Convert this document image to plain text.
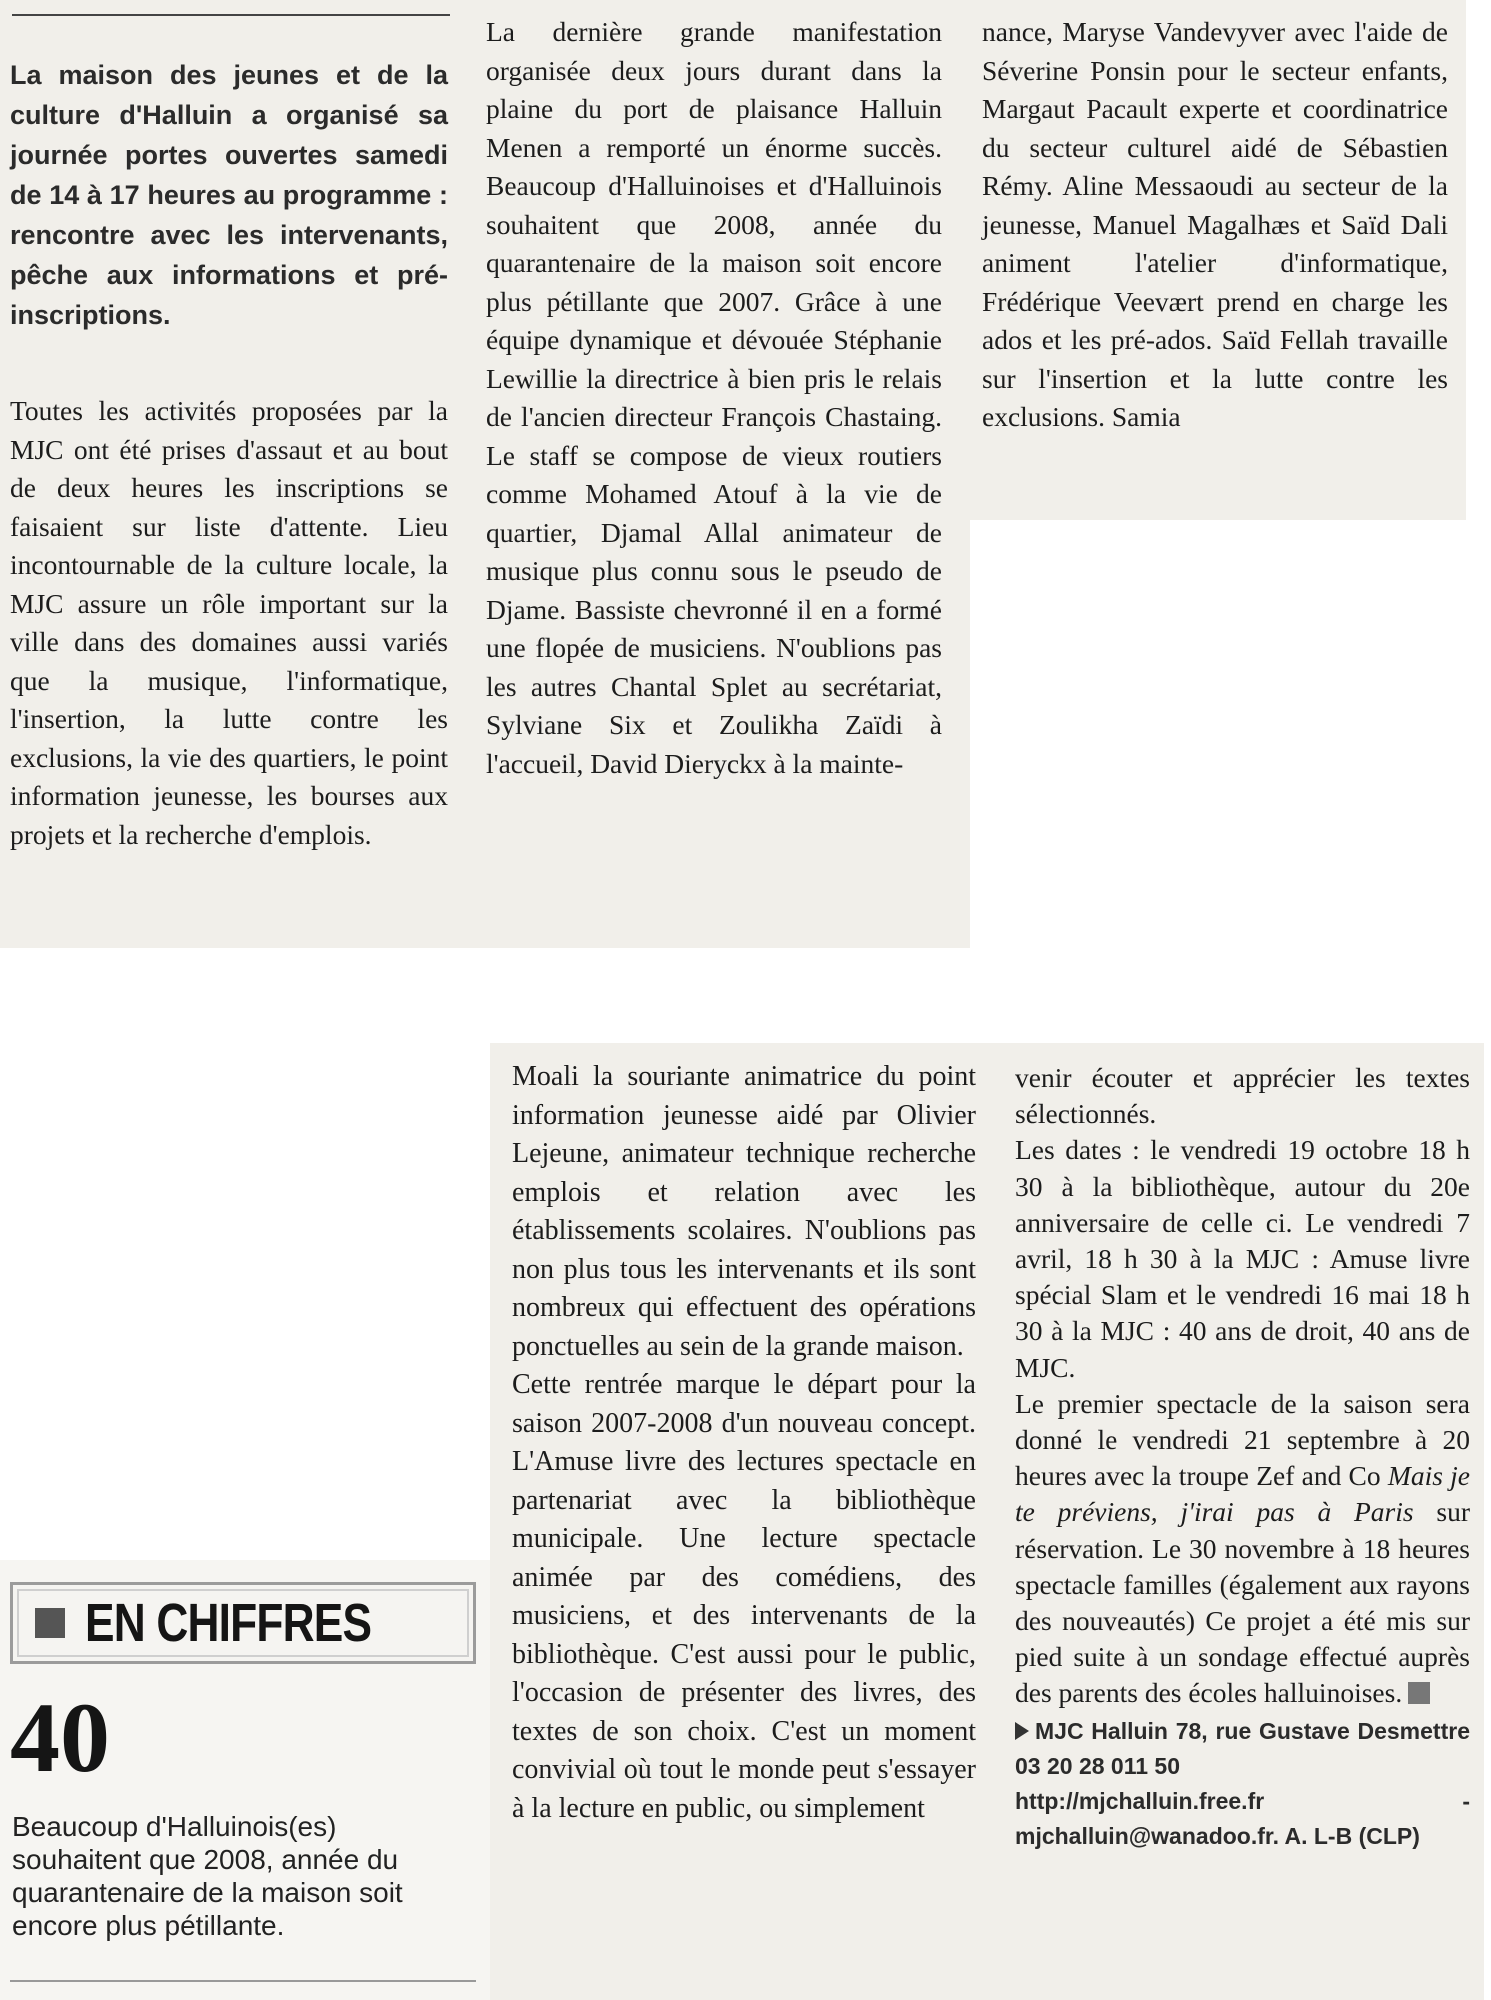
La maison des jeunes et de la culture d'Halluin a organisé sa journée portes ouvertes samedi de 14 à 17 heures au programme : rencontre avec les intervenants, pêche aux informations et pré-inscriptions.

Toutes les activités proposées par la MJC ont été prises d'assaut et au bout de deux heures les inscriptions se faisaient sur liste d'attente. Lieu incontournable de la culture locale, la MJC assure un rôle important sur la ville dans des domaines aussi variés que la musique, l'informatique, l'insertion, la lutte contre les exclusions, la vie des quartiers, le point information jeunesse, les bourses aux projets et la recherche d'emplois.

La dernière grande manifestation organisée deux jours durant dans la plaine du port de plaisance Halluin Menen a remporté un énorme succès. Beaucoup d'Halluinoises et d'Halluinois souhaitent que 2008, année du quarantenaire de la maison soit encore plus pétillante que 2007. Grâce à une équipe dynamique et dévouée Stéphanie Lewillie la directrice à bien pris le relais de l'ancien directeur François Chastaing. Le staff se compose de vieux routiers comme Mohamed Atouf à la vie de quartier, Djamal Allal animateur de musique plus connu sous le pseudo de Djame. Bassiste chevronné il en a formé une flopée de musiciens. N'oublions pas les autres Chantal Splet au secrétariat, Sylviane Six et Zoulikha Zaïdi à l'accueil, David Dieryckx à la mainte-

nance, Maryse Vandevyver avec l'aide de Séverine Ponsin pour le secteur enfants, Margaut Pacault experte et coordinatrice du secteur culturel aidé de Sébastien Rémy. Aline Messaoudi au secteur de la jeunesse, Manuel Magalhæs et Saïd Dali animent l'atelier d'informatique, Frédérique Veevært prend en charge les ados et les pré-ados. Saïd Fellah travaille sur l'insertion et la lutte contre les exclusions. Samia

Moali la souriante animatrice du point information jeunesse aidé par Olivier Lejeune, animateur technique recherche emplois et relation avec les établissements scolaires. N'oublions pas non plus tous les intervenants et ils sont nombreux qui effectuent des opérations ponctuelles au sein de la grande maison.

Cette rentrée marque le départ pour la saison 2007-2008 d'un nouveau concept. L'Amuse livre des lectures spectacle en partenariat avec la bibliothèque municipale. Une lecture spectacle animée par des comédiens, des musiciens, et des intervenants de la bibliothèque. C'est aussi pour le public, l'occasion de présenter des livres, des textes de son choix. C'est un moment convivial où tout le monde peut s'essayer à la lecture en public, ou simplement

venir écouter et apprécier les textes sélectionnés.

Les dates : le vendredi 19 octobre 18 h 30 à la bibliothèque, autour du 20e anniversaire de celle ci. Le vendredi 7 avril, 18 h 30 à la MJC : Amuse livre spécial Slam et le vendredi 16 mai 18 h 30 à la MJC : 40 ans de droit, 40 ans de MJC.

Le premier spectacle de la saison sera donné le vendredi 21 septembre à 20 heures avec la troupe Zef and Co Mais je te préviens, j'irai pas à Paris sur réservation. Le 30 novembre à 18 heures spectacle familles (également aux rayons des nouveautés) Ce projet a été mis sur pied suite à un sondage effectué auprès des parents des écoles halluinoises.

MJC Halluin 78, rue Gustave Desmettre 03 20 28 011 50
http://mjchalluin.free.fr - mjchalluin@wanadoo.fr. A. L-B (CLP)

EN CHIFFRES
40
Beaucoup d'Halluinois(es) souhaitent que 2008, année du quarantenaire de la maison soit encore plus pétillante.
